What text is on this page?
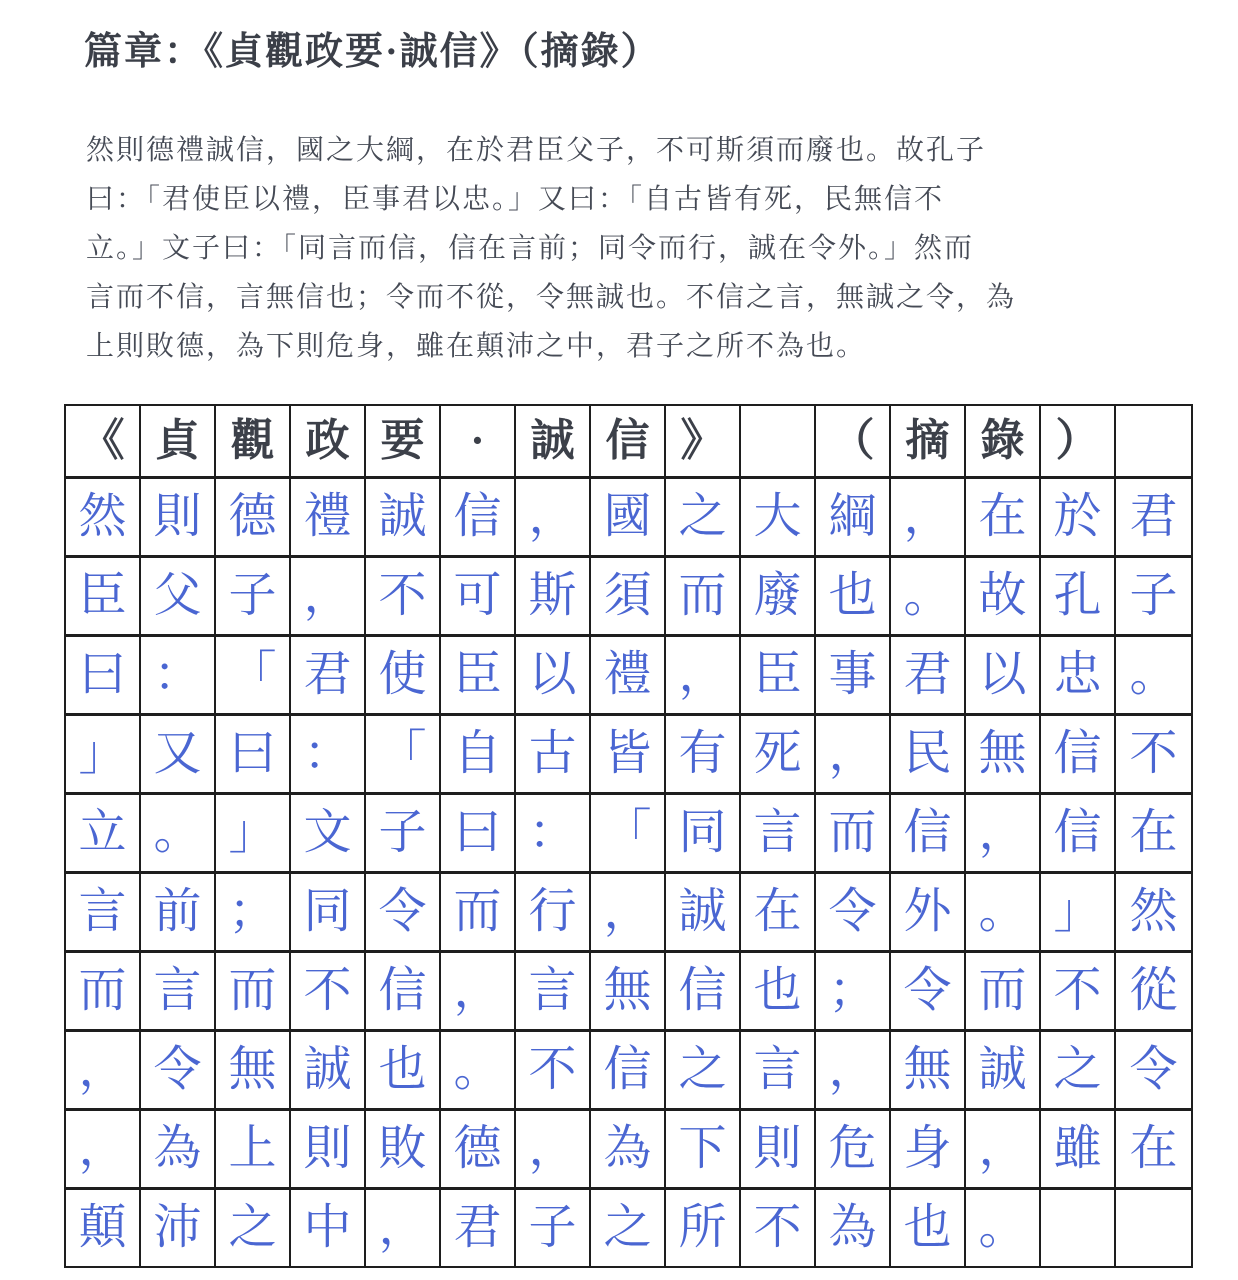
篇章：《貞觀政要·誠信》（摘錄）
然則德禮誠信，國之大綱，在於君臣父子，不可斯須而廢也。故孔子
曰：「君使臣以禮，臣事君以忠。」又曰：「自古皆有死，民無信不
立。」文子曰：「同言而信，信在言前；同令而行，誠在令外。」然而
言而不信，言無信也；令而不從，令無誠也。不信之言，無誠之令，為
上則敗德，為下則危身，雖在顛沛之中，君子之所不為也。
《 貞 觀 政 要	·	誠 信 》	（ 摘 錄 ）
然 則 德 禮 誠 信 ， 國 之 大 綱 ， 在 於 君
臣 父 子 ， 不 可 斯 須 而 廢 也 。 故 孔 子
曰 ： 「 君 使 臣 以 禮 ， 臣 事 君 以 忠 。
」 又 曰 ： 「 自 古 皆 有 死 ， 民 無 信 不
立 。 」 文 子 曰 ： 「 同 言 而 信 ， 信 在
言 前 ； 同 令 而 行 ， 誠 在 令 外 。 」 然
而 言 而 不 信 ， 言 無 信 也 ； 令 而 不 從
， 令 無 誠 也 。 不 信 之 言 ， 無 誠 之 令
， 為 上 則 敗 德 ， 為 下 則 危 身 ， 雖 在
顛 沛 之 中 ， 君 子 之 所 不 為 也 。
